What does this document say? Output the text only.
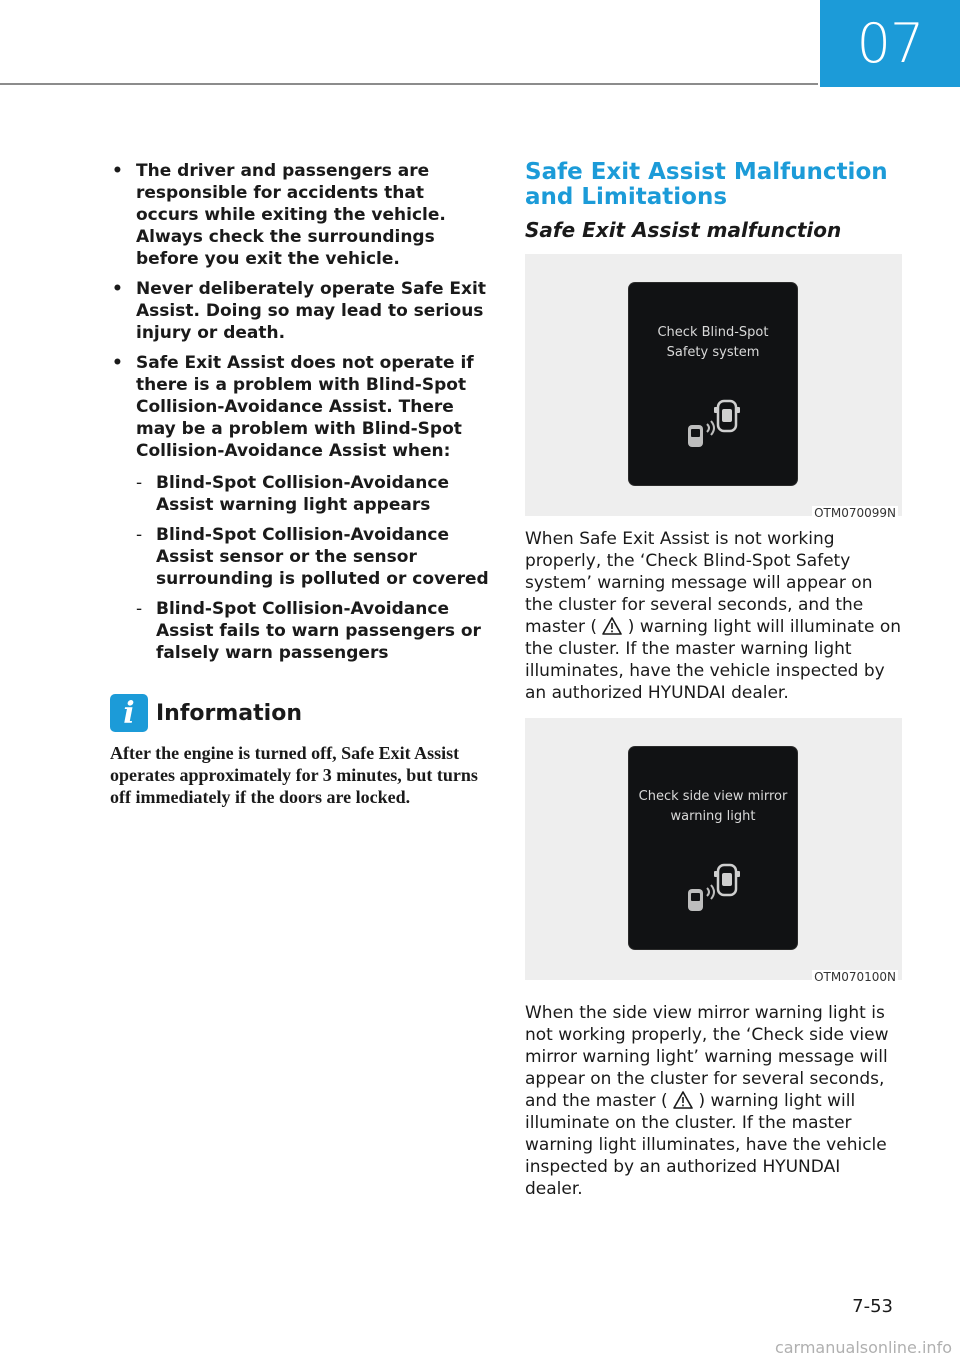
07
• The driver and passengers are responsible for accidents that occurs while exiting the vehicle. Always check the surroundings before you exit the vehicle.
• Never deliberately operate Safe Exit Assist. Doing so may lead to serious injury or death.
• Safe Exit Assist does not operate if there is a problem with Blind-Spot Collision-Avoidance Assist. There may be a problem with Blind-Spot Collision-Avoidance Assist when:
- Blind-Spot Collision-Avoidance Assist warning light appears
- Blind-Spot Collision-Avoidance Assist sensor or the sensor surrounding is polluted or covered
- Blind-Spot Collision-Avoidance Assist fails to warn passengers or falsely warn passengers
i Information
After the engine is turned off, Safe Exit Assist operates approximately for 3 minutes, but turns off immediately if the doors are locked.
Safe Exit Assist Malfunction and Limitations
Safe Exit Assist malfunction
Check Blind-Spot
Safety system
OTM070099N

When Safe Exit Assist is not working properly, the ‘Check Blind-Spot Safety system’ warning message will appear on the cluster for several seconds, and the master ( ) warning light will illuminate on the cluster. If the master warning light illuminates, have the vehicle inspected by an authorized HYUNDAI dealer.

Check side view mirror
warning light
OTM070100N

When the side view mirror warning light is not working properly, the ‘Check side view mirror warning light’ warning message will appear on the cluster for several seconds, and the master ( ) warning light will illuminate on the cluster. If the master warning light illuminates, have the vehicle inspected by an authorized HYUNDAI dealer.

7-53
carmanualsonline.info
